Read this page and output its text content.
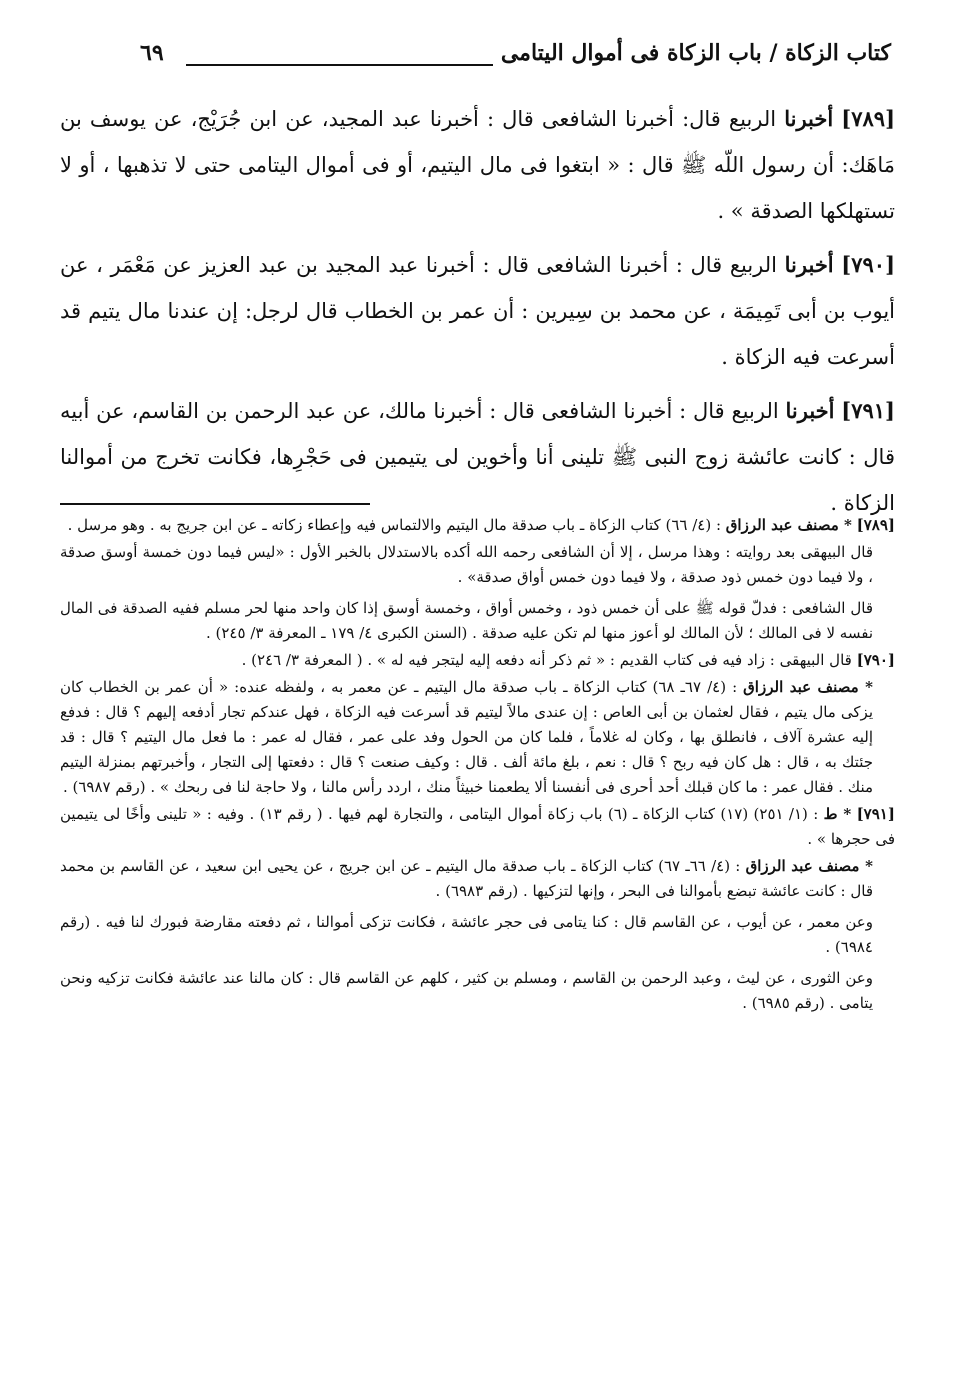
كتاب الزكاة / باب الزكاة فى أموال اليتامى
٦٩

[٧٨٩] أخبرنا الربيع قال: أخبرنا الشافعى قال : أخبرنا عبد المجيد، عن ابن جُرَيْج، عن يوسف بن مَاهَك: أن رسول اللّه ﷺ قال : « ابتغوا فى مال اليتيم، أو فى أموال اليتامى حتى لا تذهبها ، أو لا تستهلكها الصدقة » .

[٧٩٠] أخبرنا الربيع قال : أخبرنا الشافعى قال : أخبرنا عبد المجيد بن عبد العزيز عن مَعْمَر ، عن أيوب بن أبى تَمِيمَة ، عن محمد بن سِيرين : أن عمر بن الخطاب قال لرجل: إن عندنا مال يتيم قد أسرعت فيه الزكاة .

[٧٩١] أخبرنا الربيع قال : أخبرنا الشافعى قال : أخبرنا مالك، عن عبد الرحمن بن القاسم، عن أبيه قال : كانت عائشة زوج النبى ﷺ تلينى أنا وأخوين لى يتيمين فى حَجْرِها، فكانت تخرج من أموالنا الزكاة .

[٧٨٩] * مصنف عبد الرزاق : (٤/ ٦٦) كتاب الزكاة ـ باب صدقة مال اليتيم والالتماس فيه وإعطاء زكاته ـ عن ابن جريج به . وهو مرسل .

قال البيهقى بعد روايته : وهذا مرسل ، إلا أن الشافعى رحمه الله أكده بالاستدلال بالخبر الأول : «ليس فيما دون خمسة أوسق صدقة ، ولا فيما دون خمس ذود صدقة ، ولا فيما دون خمس أواق صدقة» .

قال الشافعى : فدلّ قوله ﷺ على أن خمس ذود ، وخمس أواق ، وخمسة أوسق إذا كان واحد منها لحر مسلم ففيه الصدقة فى المال نفسه لا فى المالك ؛ لأن المالك لو أعوز منها لم تكن عليه صدقة . (السنن الكبرى ٤/ ١٧٩ ـ المعرفة ٣/ ٢٤٥) .

[٧٩٠] قال البيهقى : زاد فيه فى كتاب القديم : « ثم ذكر أنه دفعه إليه ليتجر فيه له » . ( المعرفة ٣/ ٢٤٦) .

* مصنف عبد الرزاق : (٤/ ٦٧ـ ٦٨) كتاب الزكاة ـ باب صدقة مال اليتيم ـ عن معمر به ، ولفظه عنده: « أن عمر بن الخطاب كان يزكى مال يتيم ، فقال لعثمان بن أبى العاص : إن عندى مالاً ليتيم قد أسرعت فيه الزكاة ، فهل عندكم تجار أدفعه إليهم ؟ قال : فدفع إليه عشرة آلاف ، فانطلق بها ، وكان له غلاماً ، فلما كان من الحول وفد على عمر ، فقال له عمر : ما فعل مال اليتيم ؟ قال : قد جئتك به ، قال : هل كان فيه ربح ؟ قال : نعم ، بلغ مائة ألف . قال : وكيف صنعت ؟ قال : دفعتها إلى التجار ، وأخبرتهم بمنزلة اليتيم منك . فقال عمر : ما كان قبلك أحد أحرى فى أنفسنا ألا يطعمنا خبيثاً منك ، اردد رأس مالنا ، ولا حاجة لنا فى ربحك » . (رقم ٦٩٨٧) .

[٧٩١] * ط : (١/ ٢٥١) (١٧) كتاب الزكاة ـ (٦) باب زكاة أموال اليتامى ، والتجارة لهم فيها . ( رقم ١٣) . وفيه : « تلينى وأخًا لى يتيمين فى حجرها » .

* مصنف عبد الرزاق : (٤/ ٦٦ـ ٦٧) كتاب الزكاة ـ باب صدقة مال اليتيم ـ عن ابن جريج ، عن يحيى ابن سعيد ، عن القاسم بن محمد قال : كانت عائشة تبضع بأموالنا فى البحر ، وإنها لتزكيها . (رقم ٦٩٨٣) .

وعن معمر ، عن أيوب ، عن القاسم قال : كنا يتامى فى حجر عائشة ، فكانت تزكى أموالنا ، ثم دفعته مقارضة فبورك لنا فيه . (رقم ٦٩٨٤) .

وعن الثورى ، عن ليث ، وعبد الرحمن بن القاسم ، ومسلم بن كثير ، كلهم عن القاسم قال : كان مالنا عند عائشة فكانت تزكيه ونحن يتامى . (رقم ٦٩٨٥) .
